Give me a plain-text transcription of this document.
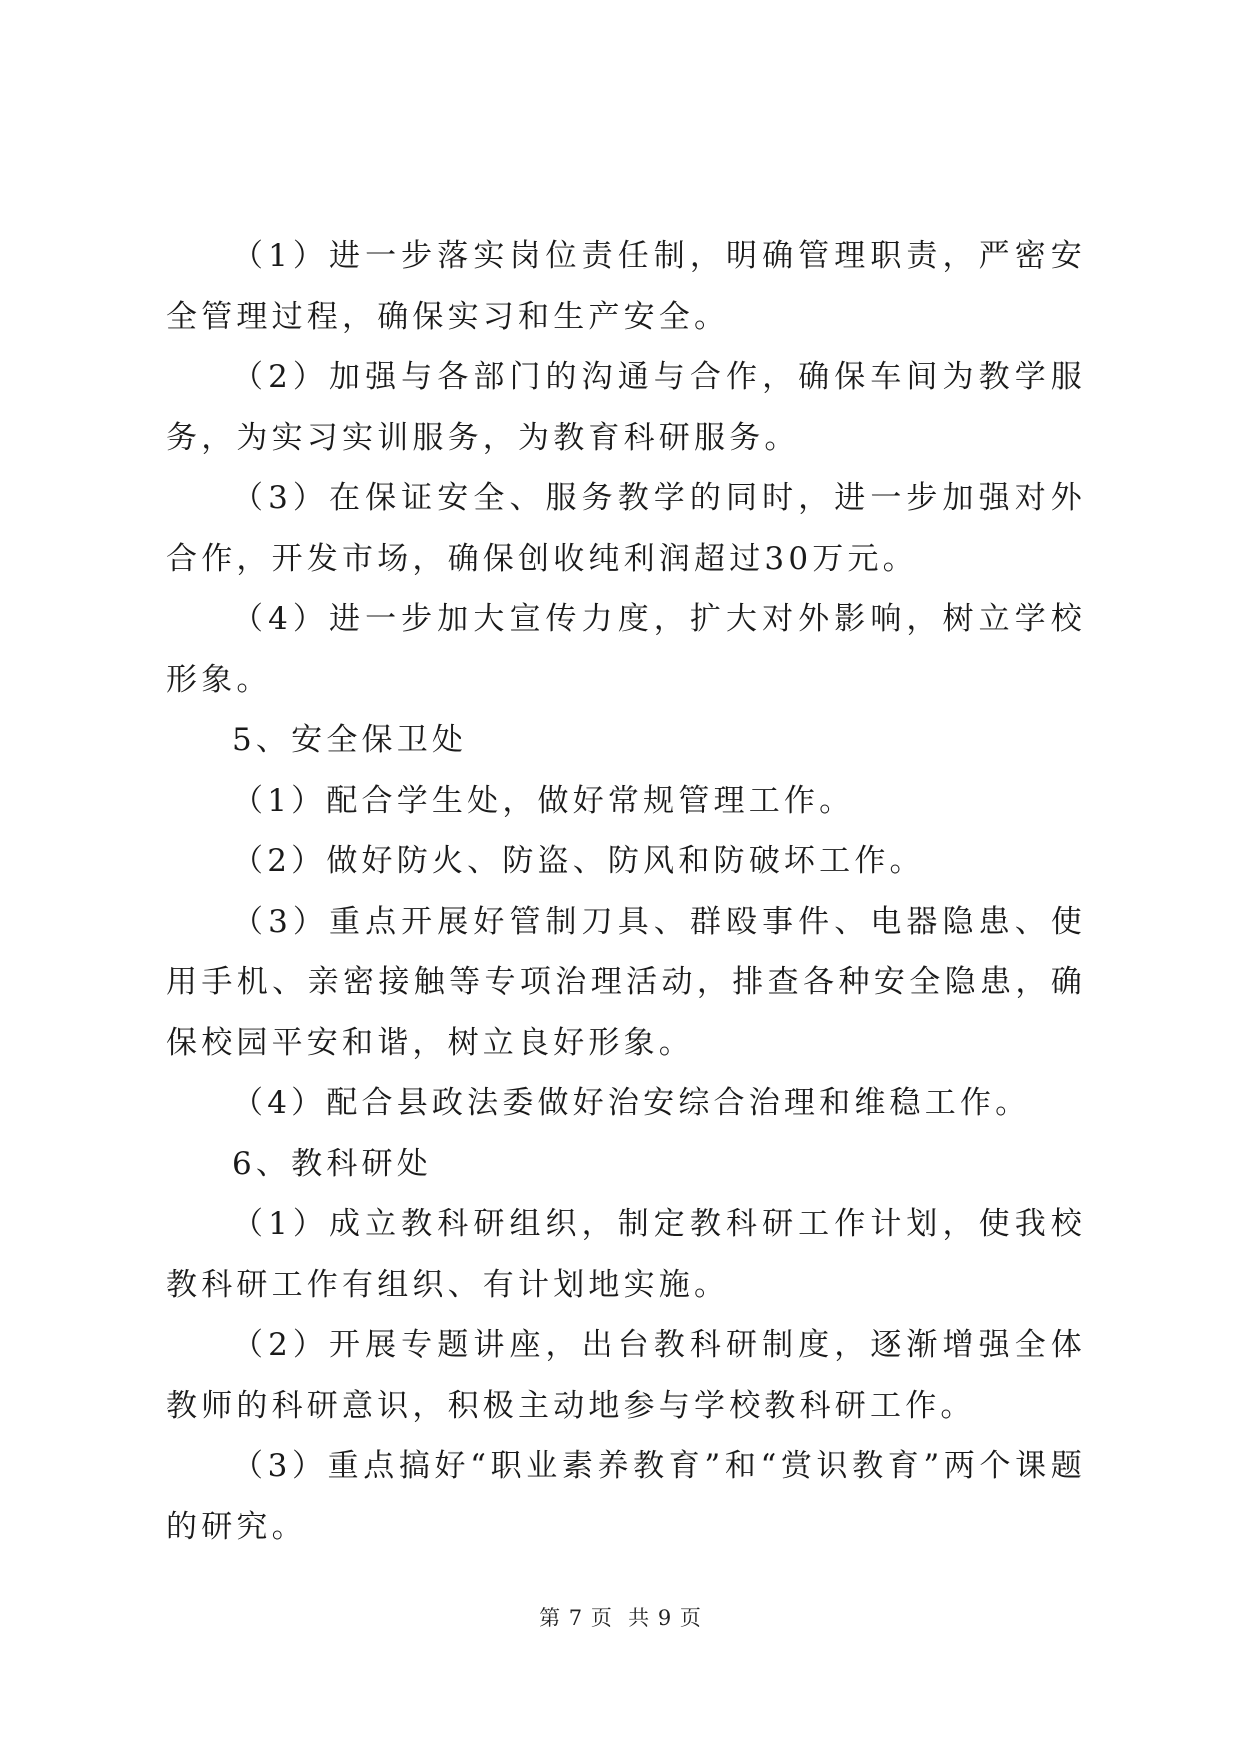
（1）进一步落实岗位责任制，明确管理职责，严密安全管理过程，确保实习和生产安全。

（2）加强与各部门的沟通与合作，确保车间为教学服务，为实习实训服务，为教育科研服务。

（3）在保证安全、服务教学的同时，进一步加强对外合作，开发市场，确保创收纯利润超过30万元。

（4）进一步加大宣传力度，扩大对外影响，树立学校形象。

5、安全保卫处

（1）配合学生处，做好常规管理工作。

（2）做好防火、防盗、防风和防破坏工作。

（3）重点开展好管制刀具、群殴事件、电器隐患、使用手机、亲密接触等专项治理活动，排查各种安全隐患，确保校园平安和谐，树立良好形象。

（4）配合县政法委做好治安综合治理和维稳工作。

6、教科研处

（1）成立教科研组织，制定教科研工作计划，使我校教科研工作有组织、有计划地实施。

（2）开展专题讲座，出台教科研制度，逐渐增强全体教师的科研意识，积极主动地参与学校教科研工作。

（3）重点搞好“职业素养教育”和“赏识教育”两个课题的研究。

第 7 页  共 9 页
